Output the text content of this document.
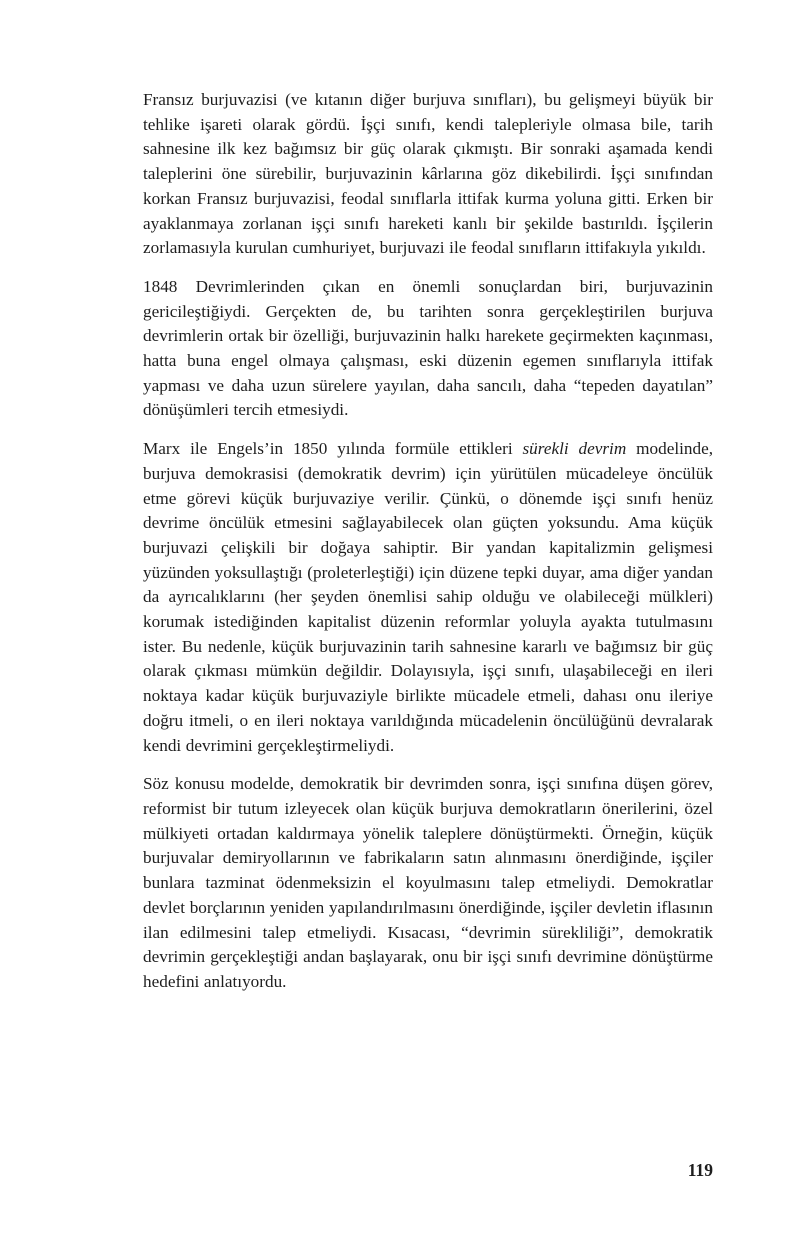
Fransız burjuvazisi (ve kıtanın diğer burjuva sınıfları), bu gelişmeyi büyük bir tehlike işareti olarak gördü. İşçi sınıfı, kendi talepleriyle olmasa bile, tarih sahnesine ilk kez bağımsız bir güç olarak çıkmıştı. Bir sonraki aşamada kendi taleplerini öne sürebilir, burjuvazinin kârlarına göz dikebilirdi. İşçi sınıfından korkan Fransız burjuvazisi, feodal sınıflarla ittifak kurma yoluna gitti. Erken bir ayaklanmaya zorlanan işçi sınıfı hareketi kanlı bir şekilde bastırıldı. İşçilerin zorlamasıyla kurulan cumhuriyet, burjuvazi ile feodal sınıfların ittifakıyla yıkıldı.

1848 Devrimlerinden çıkan en önemli sonuçlardan biri, burjuvazinin gericileştiğiydi. Gerçekten de, bu tarihten sonra gerçekleştirilen burjuva devrimlerin ortak bir özelliği, burjuvazinin halkı harekete geçirmekten kaçınması, hatta buna engel olmaya çalışması, eski düzenin egemen sınıflarıyla ittifak yapması ve daha uzun sürelere yayılan, daha sancılı, daha “tepeden dayatılan” dönüşümleri tercih etmesiydi.

Marx ile Engels’in 1850 yılında formüle ettikleri sürekli devrim modelinde, burjuva demokrasisi (demokratik devrim) için yürütülen mücadeleye öncülük etme görevi küçük burjuvaziye verilir. Çünkü, o dönemde işçi sınıfı henüz devrime öncülük etmesini sağlayabilecek olan güçten yoksundu. Ama küçük burjuvazi çelişkili bir doğaya sahiptir. Bir yandan kapitalizmin gelişmesi yüzünden yoksullaştığı (proleterleştiği) için düzene tepki duyar, ama diğer yandan da ayrıcalıklarını (her şeyden önemlisi sahip olduğu ve olabileceği mülkleri) korumak istediğinden kapitalist düzenin reformlar yoluyla ayakta tutulmasını ister. Bu nedenle, küçük burjuvazinin tarih sahnesine kararlı ve bağımsız bir güç olarak çıkması mümkün değildir. Dolayısıyla, işçi sınıfı, ulaşabileceği en ileri noktaya kadar küçük burjuvaziyle birlikte mücadele etmeli, dahası onu ileriye doğru itmeli, o en ileri noktaya varıldığında mücadelenin öncülüğünü devralarak kendi devrimini gerçekleştirmeliydi.

Söz konusu modelde, demokratik bir devrimden sonra, işçi sınıfına düşen görev, reformist bir tutum izleyecek olan küçük burjuva demokratların önerilerini, özel mülkiyeti ortadan kaldırmaya yönelik taleplere dönüştürmekti. Örneğin, küçük burjuvalar demiryollarının ve fabrikaların satın alınmasını önerdiğinde, işçiler bunlara tazminat ödenmeksizin el koyulmasını talep etmeliydi. Demokratlar devlet borçlarının yeniden yapılandırılmasını önerdiğinde, işçiler devletin iflasının ilan edilmesini talep etmeliydi. Kısacası, “devrimin sürekliliği”, demokratik devrimin gerçekleştiği andan başlayarak, onu bir işçi sınıfı devrimine dönüştürme hedefini anlatıyordu.

119
